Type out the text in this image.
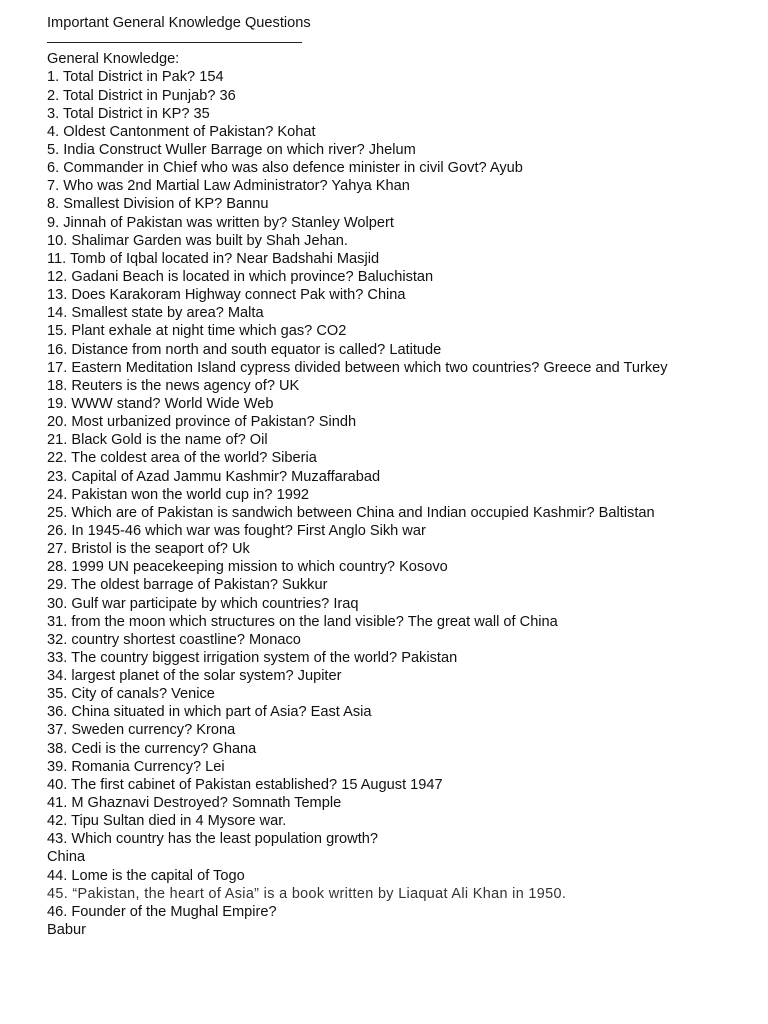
Important General Knowledge Questions
General Knowledge:
1. Total District in Pak? 154
2. Total District in Punjab? 36
3. Total District in KP? 35
4. Oldest Cantonment of Pakistan? Kohat
5. India Construct Wuller Barrage on which river? Jhelum
6. Commander in Chief who was also defence minister in civil Govt? Ayub
7. Who was 2nd Martial Law Administrator? Yahya Khan
8. Smallest Division of KP? Bannu
9. Jinnah of Pakistan was written by? Stanley Wolpert
10. Shalimar Garden was built by Shah Jehan.
11. Tomb of Iqbal located in? Near Badshahi Masjid
12. Gadani Beach is located in which province? Baluchistan
13. Does Karakoram Highway connect Pak with? China
14. Smallest state by area? Malta
15. Plant exhale at night time which gas? CO2
16. Distance from north and south equator is called? Latitude
17. Eastern Meditation Island cypress divided between which two countries? Greece and Turkey
18. Reuters is the news agency of? UK
19. WWW stand? World Wide Web
20. Most urbanized province of Pakistan? Sindh
21. Black Gold is the name of? Oil
22. The coldest area of the world? Siberia
23. Capital of Azad Jammu Kashmir? Muzaffarabad
24. Pakistan won the world cup in? 1992
25. Which are of Pakistan is sandwich between China and Indian occupied Kashmir? Baltistan
26. In 1945-46 which war was fought? First Anglo Sikh war
27. Bristol is the seaport of? Uk
28. 1999 UN peacekeeping mission to which country? Kosovo
29. The oldest barrage of Pakistan? Sukkur
30. Gulf war participate by which countries? Iraq
31. from the moon which structures on the land visible? The great wall of China
32. country shortest coastline? Monaco
33. The country biggest irrigation system of the world? Pakistan
34. largest planet of the solar system? Jupiter
35. City of canals? Venice
36. China situated in which part of Asia? East Asia
37. Sweden currency? Krona
38. Cedi is the currency? Ghana
39. Romania Currency? Lei
40. The first cabinet of Pakistan established? 15 August 1947
41. M Ghaznavi Destroyed? Somnath Temple
42. Tipu Sultan died in 4 Mysore war.
43. Which country has the least population growth?
China
44. Lome is the capital of Togo
45. “Pakistan, the heart of Asia” is a book written by Liaquat Ali Khan in 1950.
46. Founder of the Mughal Empire?
Babur
